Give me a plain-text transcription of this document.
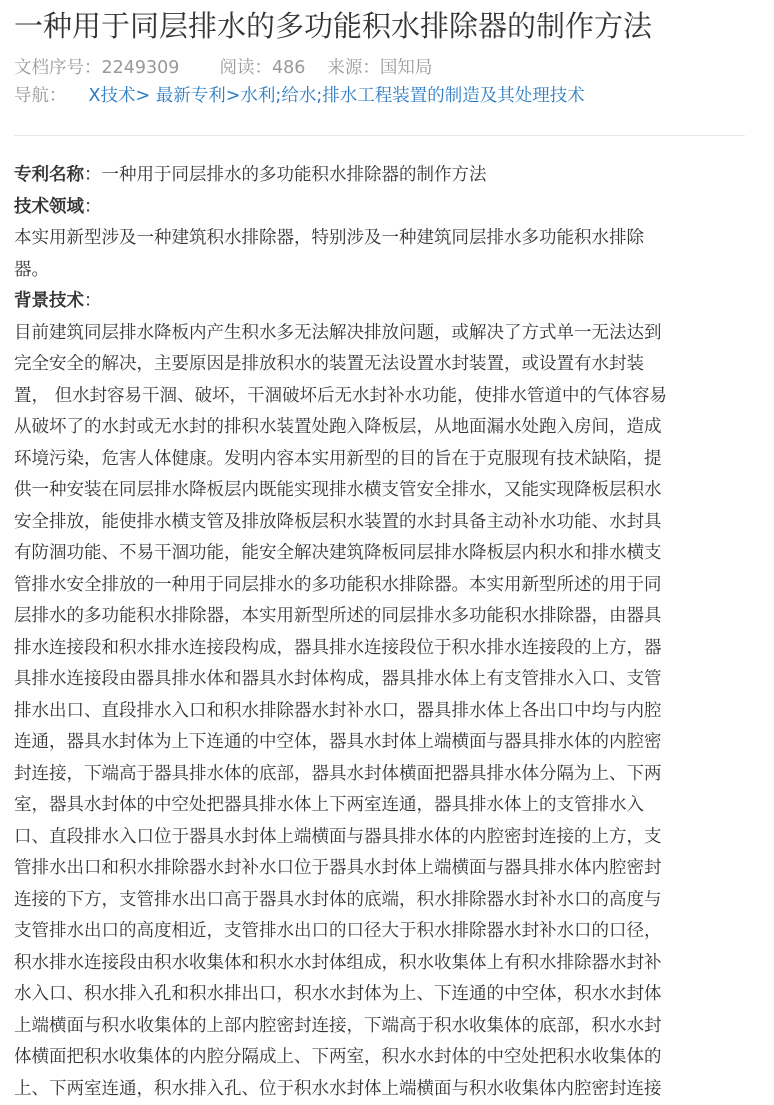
一种用于同层排水的多功能积水排除器的制作方法
文档序号：2249309 阅读：486 来源：国知局
导航： X技术> 最新专利>水利;给水;排水工程装置的制造及其处理技术

专利名称：一种用于同层排水的多功能积水排除器的制作方法

技术领域：

本实用新型涉及一种建筑积水排除器，特别涉及一种建筑同层排水多功能积水排除

器。

背景技术：

目前建筑同层排水降板内产生积水多无法解决排放问题，或解决了方式单一无法达到

完全安全的解决，主要原因是排放积水的装置无法设置水封装置，或设置有水封装

置， 但水封容易干涸、破坏，干涸破坏后无水封补水功能，使排水管道中的气体容易

从破坏了的水封或无水封的排积水装置处跑入降板层，从地面漏水处跑入房间，造成

环境污染，危害人体健康。发明内容本实用新型的目的旨在于克服现有技术缺陷，提

供一种安装在同层排水降板层内既能实现排水横支管安全排水，又能实现降板层积水

安全排放，能使排水横支管及排放降板层积水装置的水封具备主动补水功能、水封具

有防涸功能、不易干涸功能，能安全解决建筑降板同层排水降板层内积水和排水横支

管排水安全排放的一种用于同层排水的多功能积水排除器。本实用新型所述的用于同

层排水的多功能积水排除器，本实用新型所述的同层排水多功能积水排除器，由器具

排水连接段和积水排水连接段构成，器具排水连接段位于积水排水连接段的上方，器

具排水连接段由器具排水体和器具水封体构成，器具排水体上有支管排水入口、支管

排水出口、直段排水入口和积水排除器水封补水口，器具排水体上各出口中均与内腔

连通，器具水封体为上下连通的中空体，器具水封体上端横面与器具排水体的内腔密

封连接，下端高于器具排水体的底部，器具水封体横面把器具排水体分隔为上、下两

室，器具水封体的中空处把器具排水体上下两室连通，器具排水体上的支管排水入

口、直段排水入口位于器具水封体上端横面与器具排水体的内腔密封连接的上方，支

管排水出口和积水排除器水封补水口位于器具水封体上端横面与器具排水体内腔密封

连接的下方，支管排水出口高于器具水封体的底端，积水排除器水封补水口的高度与

支管排水出口的高度相近，支管排水出口的口径大于积水排除器水封补水口的口径，

积水排水连接段由积水收集体和积水水封体组成，积水收集体上有积水排除器水封补

水入口、积水排入孔和积水排出口，积水水封体为上、下连通的中空体，积水水封体

上端横面与积水收集体的上部内腔密封连接，下端高于积水收集体的底部，积水水封

体横面把积水收集体的内腔分隔成上、下两室，积水水封体的中空处把积水收集体的

上、下两室连通，积水排入孔、位于积水水封体上端横面与积水收集体内腔密封连接
